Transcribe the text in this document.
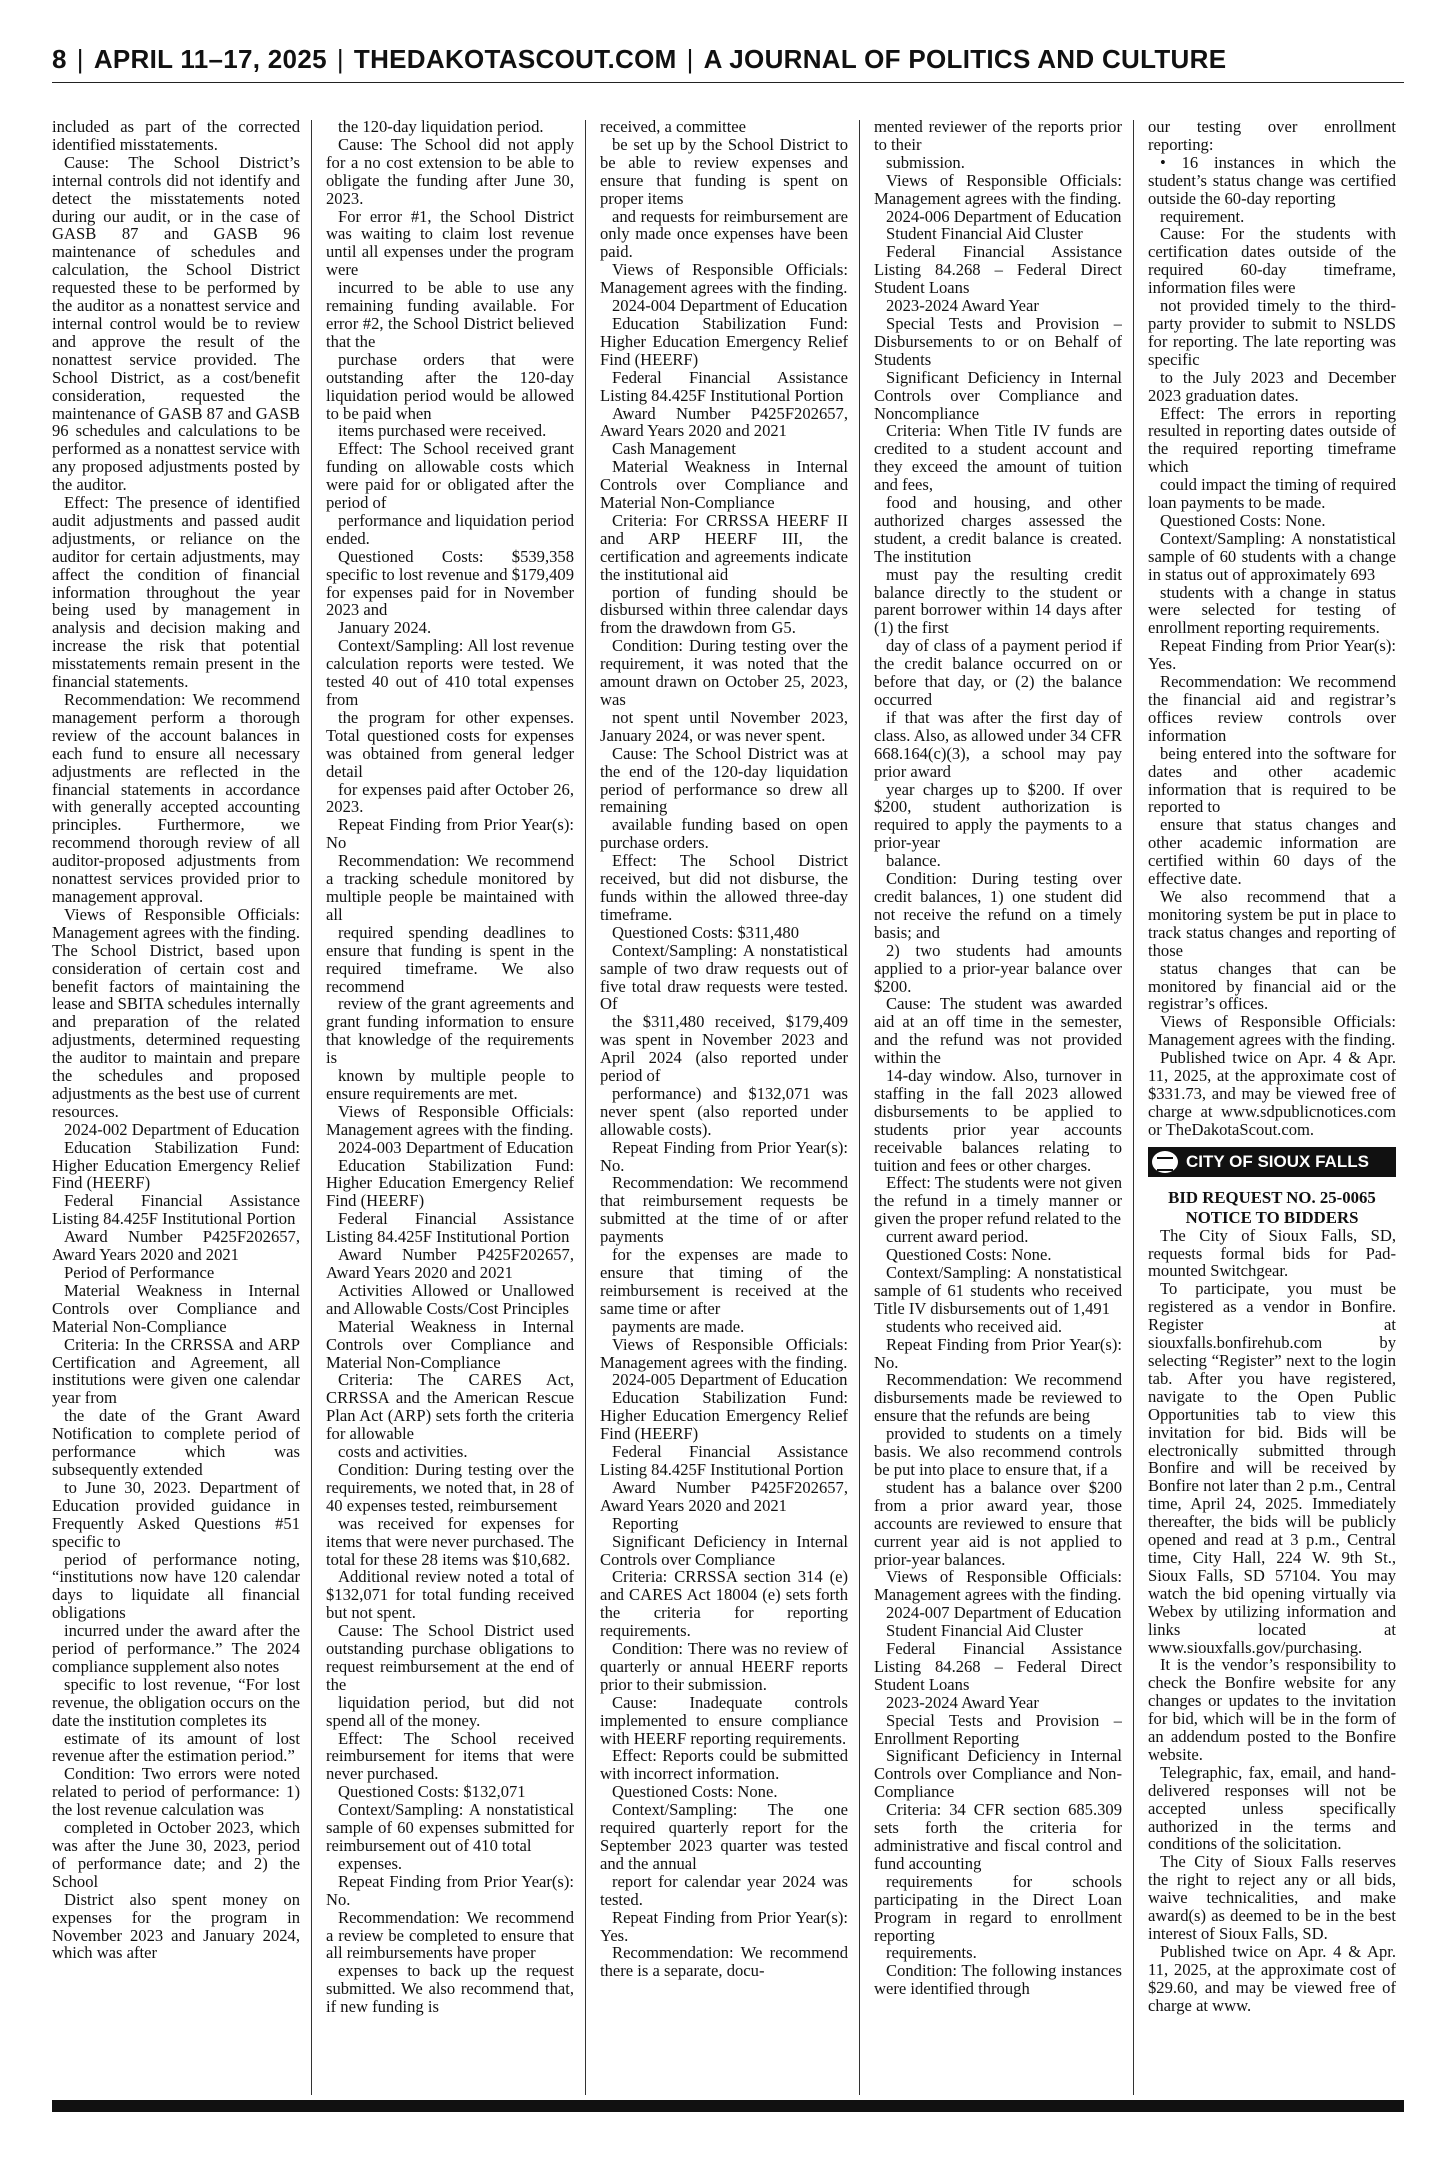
8 | APRIL 11–17, 2025 | THEDAKOTASCOUT.COM | A JOURNAL OF POLITICS AND CULTURE

included as part of the corrected identified misstatements.

Cause: The School District’s internal controls did not identify and detect the misstatements noted during our audit, or in the case of GASB 87 and GASB 96 maintenance of schedules and calculation, the School District requested these to be performed by the auditor as a nonattest service and internal control would be to review and approve the result of the nonattest service provided. The School District, as a cost/benefit consideration, requested the maintenance of GASB 87 and GASB 96 schedules and calculations to be performed as a nonattest service with any proposed adjustments posted by the auditor.

Effect: The presence of identified audit adjustments and passed audit adjustments, or reliance on the auditor for certain adjustments, may affect the condition of financial information throughout the year being used by management in analysis and decision making and increase the risk that potential misstatements remain present in the financial statements.

Recommendation: We recommend management perform a thorough review of the account balances in each fund to ensure all necessary adjustments are reflected in the financial statements in accordance with generally accepted accounting principles. Furthermore, we recommend thorough review of all auditor-proposed adjustments from nonattest services provided prior to management approval.

Views of Responsible Officials: Management agrees with the finding. The School District, based upon consideration of certain cost and benefit factors of maintaining the lease and SBITA schedules internally and preparation of the related adjustments, determined requesting the auditor to maintain and prepare the schedules and proposed adjustments as the best use of current resources.

2024-002 Department of Education

Education Stabilization Fund: Higher Education Emergency Relief Find (HEERF)

Federal Financial Assistance Listing 84.425F Institutional Portion

Award Number P425F202657, Award Years 2020 and 2021

Period of Performance

Material Weakness in Internal Controls over Compliance and Material Non-Compliance

Criteria: In the CRRSSA and ARP Certification and Agreement, all institutions were given one calendar year from

the date of the Grant Award Notification to complete period of performance which was subsequently extended

to June 30, 2023. Department of Education provided guidance in Frequently Asked Questions #51 specific to

period of performance noting, “institutions now have 120 calendar days to liquidate all financial obligations

incurred under the award after the period of performance.” The 2024 compliance supplement also notes

specific to lost revenue, “For lost revenue, the obligation occurs on the date the institution completes its

estimate of its amount of lost revenue after the estimation period.”

Condition: Two errors were noted related to period of performance: 1) the lost revenue calculation was

completed in October 2023, which was after the June 30, 2023, period of performance date; and 2) the School

District also spent money on expenses for the program in November 2023 and January 2024, which was after

the 120-day liquidation period.

Cause: The School did not apply for a no cost extension to be able to obligate the funding after June 30, 2023.

For error #1, the School District was waiting to claim lost revenue until all expenses under the program were

incurred to be able to use any remaining funding available. For error #2, the School District believed that the

purchase orders that were outstanding after the 120-day liquidation period would be allowed to be paid when

items purchased were received.

Effect: The School received grant funding on allowable costs which were paid for or obligated after the period of

performance and liquidation period ended.

Questioned Costs: $539,358 specific to lost revenue and $179,409 for expenses paid for in November 2023 and

January 2024.

Context/Sampling: All lost revenue calculation reports were tested. We tested 40 out of 410 total expenses from

the program for other expenses. Total questioned costs for expenses was obtained from general ledger detail

for expenses paid after October 26, 2023.

Repeat Finding from Prior Year(s): No

Recommendation: We recommend a tracking schedule monitored by multiple people be maintained with all

required spending deadlines to ensure that funding is spent in the required timeframe. We also recommend

review of the grant agreements and grant funding information to ensure that knowledge of the requirements is

known by multiple people to ensure requirements are met.

Views of Responsible Officials: Management agrees with the finding.

2024-003 Department of Education

Education Stabilization Fund: Higher Education Emergency Relief Find (HEERF)

Federal Financial Assistance Listing 84.425F Institutional Portion

Award Number P425F202657, Award Years 2020 and 2021

Activities Allowed or Unallowed and Allowable Costs/Cost Principles

Material Weakness in Internal Controls over Compliance and Material Non-Compliance

Criteria: The CARES Act, CRRSSA and the American Rescue Plan Act (ARP) sets forth the criteria for allowable

costs and activities.

Condition: During testing over the requirements, we noted that, in 28 of 40 expenses tested, reimbursement

was received for expenses for items that were never purchased. The total for these 28 items was $10,682.

Additional review noted a total of $132,071 for total funding received but not spent.

Cause: The School District used outstanding purchase obligations to request reimbursement at the end of the

liquidation period, but did not spend all of the money.

Effect: The School received reimbursement for items that were never purchased.

Questioned Costs: $132,071

Context/Sampling: A nonstatistical sample of 60 expenses submitted for reimbursement out of 410 total

expenses.

Repeat Finding from Prior Year(s): No.

Recommendation: We recommend a review be completed to ensure that all reimbursements have proper

expenses to back up the request submitted. We also recommend that, if new funding is

received, a committee

be set up by the School District to be able to review expenses and ensure that funding is spent on proper items

and requests for reimbursement are only made once expenses have been paid.

Views of Responsible Officials: Management agrees with the finding.

2024-004 Department of Education

Education Stabilization Fund: Higher Education Emergency Relief Find (HEERF)

Federal Financial Assistance Listing 84.425F Institutional Portion

Award Number P425F202657, Award Years 2020 and 2021

Cash Management

Material Weakness in Internal Controls over Compliance and Material Non-Compliance

Criteria: For CRRSSA HEERF II and ARP HEERF III, the certification and agreements indicate the institutional aid

portion of funding should be disbursed within three calendar days from the drawdown from G5.

Condition: During testing over the requirement, it was noted that the amount drawn on October 25, 2023, was

not spent until November 2023, January 2024, or was never spent.

Cause: The School District was at the end of the 120-day liquidation period of performance so drew all remaining

available funding based on open purchase orders.

Effect: The School District received, but did not disburse, the funds within the allowed three-day timeframe.

Questioned Costs: $311,480

Context/Sampling: A nonstatistical sample of two draw requests out of five total draw requests were tested. Of

the $311,480 received, $179,409 was spent in November 2023 and April 2024 (also reported under period of

performance) and $132,071 was never spent (also reported under allowable costs).

Repeat Finding from Prior Year(s): No.

Recommendation: We recommend that reimbursement requests be submitted at the time of or after payments

for the expenses are made to ensure that timing of the reimbursement is received at the same time or after

payments are made.

Views of Responsible Officials: Management agrees with the finding.

2024-005 Department of Education

Education Stabilization Fund: Higher Education Emergency Relief Find (HEERF)

Federal Financial Assistance Listing 84.425F Institutional Portion

Award Number P425F202657, Award Years 2020 and 2021

Reporting

Significant Deficiency in Internal Controls over Compliance

Criteria: CRRSSA section 314 (e) and CARES Act 18004 (e) sets forth the criteria for reporting requirements.

Condition: There was no review of quarterly or annual HEERF reports prior to their submission.

Cause: Inadequate controls implemented to ensure compliance with HEERF reporting requirements.

Effect: Reports could be submitted with incorrect information.

Questioned Costs: None.

Context/Sampling: The one required quarterly report for the September 2023 quarter was tested and the annual

report for calendar year 2024 was tested.

Repeat Finding from Prior Year(s): Yes.

Recommendation: We recommend there is a separate, docu-

mented reviewer of the reports prior to their

submission.

Views of Responsible Officials: Management agrees with the finding.

2024-006 Department of Education

Student Financial Aid Cluster

Federal Financial Assistance Listing 84.268 – Federal Direct Student Loans

2023-2024 Award Year

Special Tests and Provision – Disbursements to or on Behalf of Students

Significant Deficiency in Internal Controls over Compliance and Noncompliance

Criteria: When Title IV funds are credited to a student account and they exceed the amount of tuition and fees,

food and housing, and other authorized charges assessed the student, a credit balance is created. The institution

must pay the resulting credit balance directly to the student or parent borrower within 14 days after (1) the first

day of class of a payment period if the credit balance occurred on or before that day, or (2) the balance occurred

if that was after the first day of class. Also, as allowed under 34 CFR 668.164(c)(3), a school may pay prior award

year charges up to $200. If over $200, student authorization is required to apply the payments to a prior-year

balance.

Condition: During testing over credit balances, 1) one student did not receive the refund on a timely basis; and

2) two students had amounts applied to a prior-year balance over $200.

Cause: The student was awarded aid at an off time in the semester, and the refund was not provided within the

14-day window. Also, turnover in staffing in the fall 2023 allowed disbursements to be applied to students prior year accounts receivable balances relating to tuition and fees or other charges.

Effect: The students were not given the refund in a timely manner or given the proper refund related to the

current award period.

Questioned Costs: None.

Context/Sampling: A nonstatistical sample of 61 students who received Title IV disbursements out of 1,491

students who received aid.

Repeat Finding from Prior Year(s): No.

Recommendation: We recommend disbursements made be reviewed to ensure that the refunds are being

provided to students on a timely basis. We also recommend controls be put into place to ensure that, if a

student has a balance over $200 from a prior award year, those accounts are reviewed to ensure that current year aid is not applied to prior-year balances.

Views of Responsible Officials: Management agrees with the finding.

2024-007 Department of Education

Student Financial Aid Cluster

Federal Financial Assistance Listing 84.268 – Federal Direct Student Loans

2023-2024 Award Year

Special Tests and Provision – Enrollment Reporting

Significant Deficiency in Internal Controls over Compliance and Non-Compliance

Criteria: 34 CFR section 685.309 sets forth the criteria for administrative and fiscal control and fund accounting

requirements for schools participating in the Direct Loan Program in regard to enrollment reporting

requirements.

Condition: The following instances were identified through

our testing over enrollment reporting:

• 16 instances in which the student’s status change was certified outside the 60-day reporting

requirement.

Cause: For the students with certification dates outside of the required 60-day timeframe, information files were

not provided timely to the third-party provider to submit to NSLDS for reporting. The late reporting was specific

to the July 2023 and December 2023 graduation dates.

Effect: The errors in reporting resulted in reporting dates outside of the required reporting timeframe which

could impact the timing of required loan payments to be made.

Questioned Costs: None.

Context/Sampling: A nonstatistical sample of 60 students with a change in status out of approximately 693

students with a change in status were selected for testing of enrollment reporting requirements.

Repeat Finding from Prior Year(s): Yes.

Recommendation: We recommend the financial aid and registrar’s offices review controls over information

being entered into the software for dates and other academic information that is required to be reported to

ensure that status changes and other academic information are certified within 60 days of the effective date.

We also recommend that a monitoring system be put in place to track status changes and reporting of those

status changes that can be monitored by financial aid or the registrar’s offices.

Views of Responsible Officials: Management agrees with the finding.

Published twice on Apr. 4 & Apr. 11, 2025, at the approximate cost of $331.73, and may be viewed free of charge at www.sdpublicnotices.com or TheDakotaScout.com.

CITY OF SIOUX FALLS
BID REQUEST NO. 25-0065
NOTICE TO BIDDERS

The City of Sioux Falls, SD, requests formal bids for Pad-mounted Switchgear.

To participate, you must be registered as a vendor in Bonfire. Register at siouxfalls.bonfirehub.com by selecting “Register” next to the login tab. After you have registered, navigate to the Open Public Opportunities tab to view this invitation for bid. Bids will be electronically submitted through Bonfire and will be received by Bonfire not later than 2 p.m., Central time, April 24, 2025. Immediately thereafter, the bids will be publicly opened and read at 3 p.m., Central time, City Hall, 224 W. 9th St., Sioux Falls, SD 57104. You may watch the bid opening virtually via Webex by utilizing information and links located at www.siouxfalls.gov/purchasing.

It is the vendor’s responsibility to check the Bonfire website for any changes or updates to the invitation for bid, which will be in the form of an addendum posted to the Bonfire website.

Telegraphic, fax, email, and hand-delivered responses will not be accepted unless specifically authorized in the terms and conditions of the solicitation.

The City of Sioux Falls reserves the right to reject any or all bids, waive technicalities, and make award(s) as deemed to be in the best interest of Sioux Falls, SD.

Published twice on Apr. 4 & Apr. 11, 2025, at the approximate cost of $29.60, and may be viewed free of charge at www.
